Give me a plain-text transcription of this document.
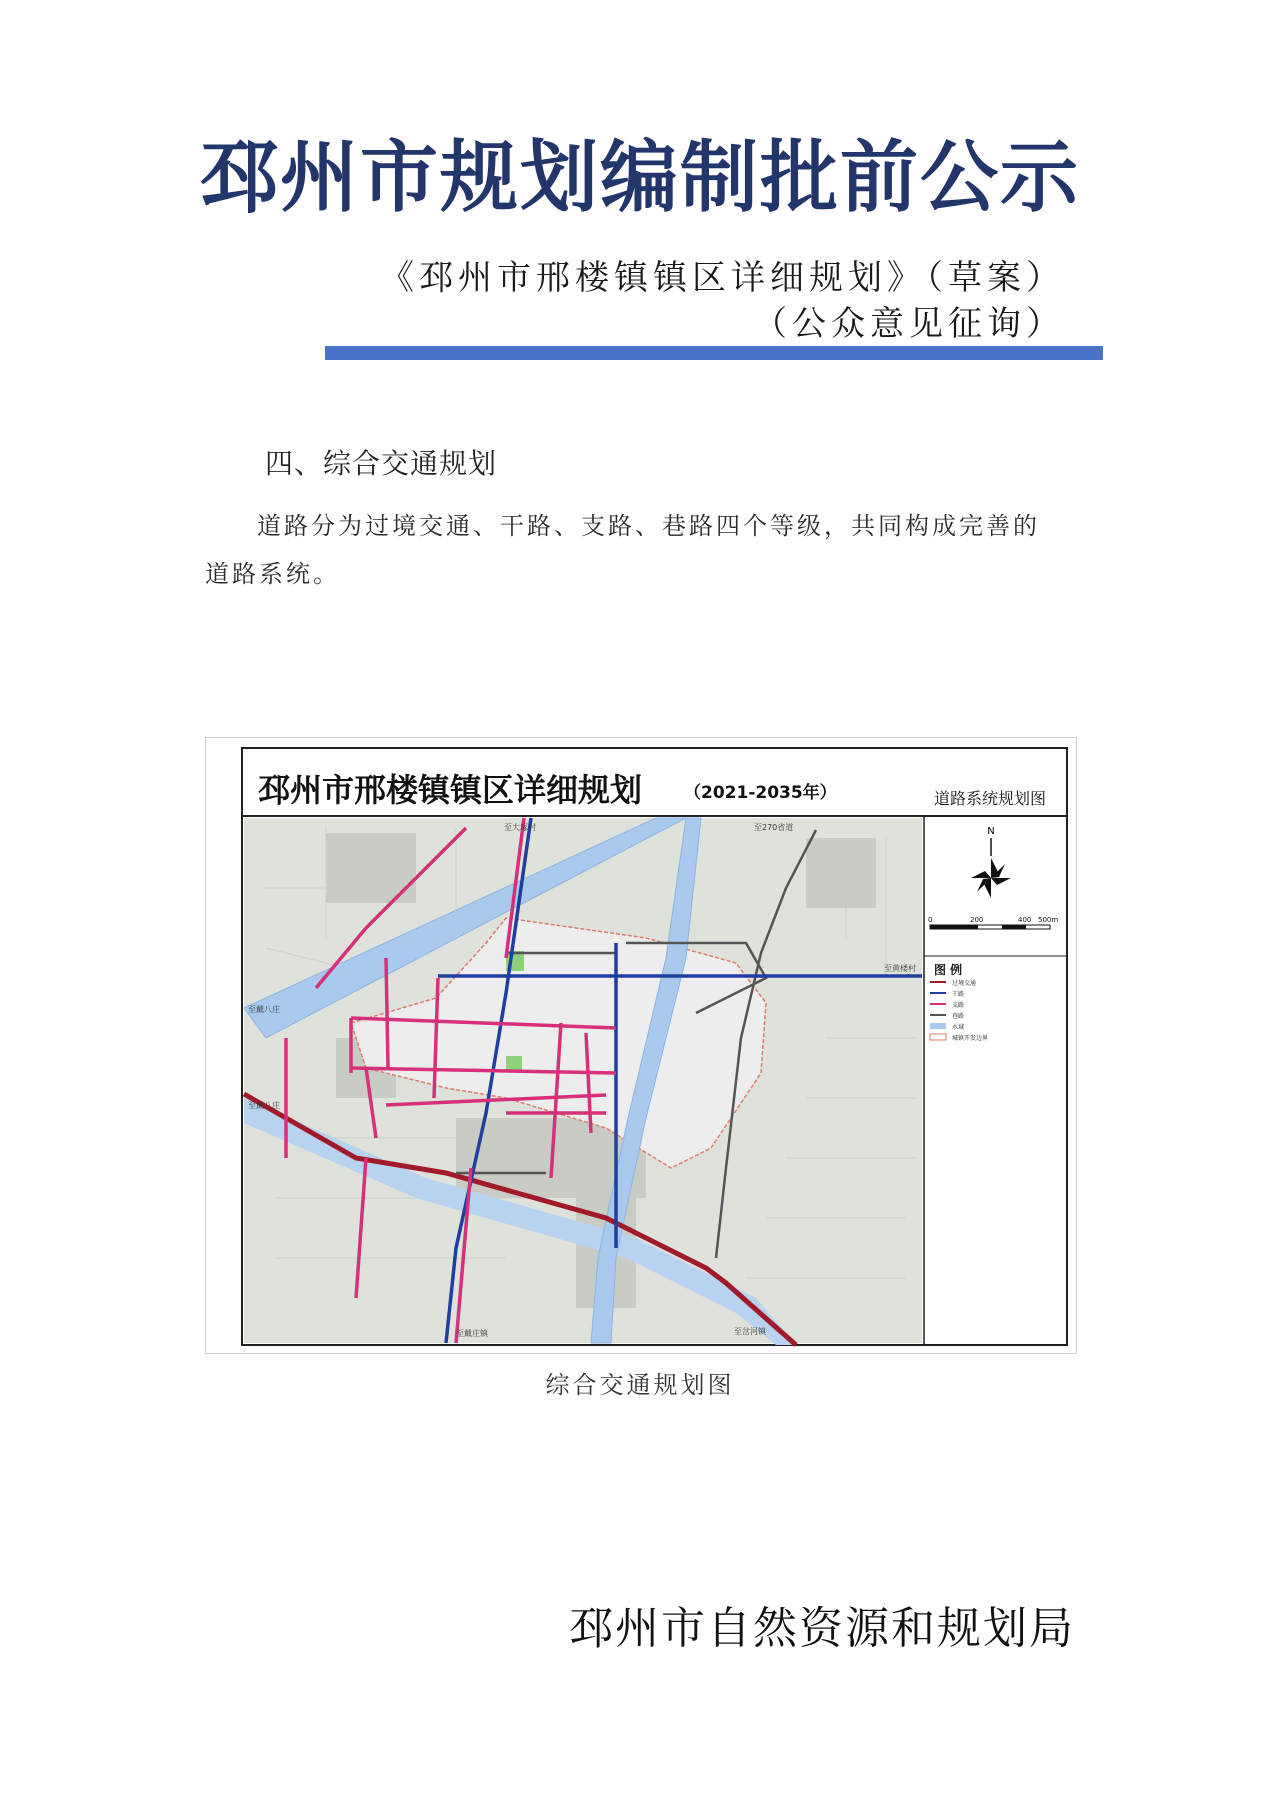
邳州市规划编制批前公示
《邳州市邢楼镇镇区详细规划》（草案）
（公众意见征询）
四、综合交通规划
道路分为过境交通、干路、支路、巷路四个等级，共同构成完善的道路系统。
邳州市邢楼镇镇区详细规划 （2021-2035年）	道路系统规划图
至大塚村	至270省道
至黄楼村
至戴八庄
至戴八庄
至戴庄镇	至岔河镇
N
0	200	400 500m
图 例
过境交通
干路
支路
巷路
水域
城镇开发边界
综合交通规划图
邳州市自然资源和规划局
